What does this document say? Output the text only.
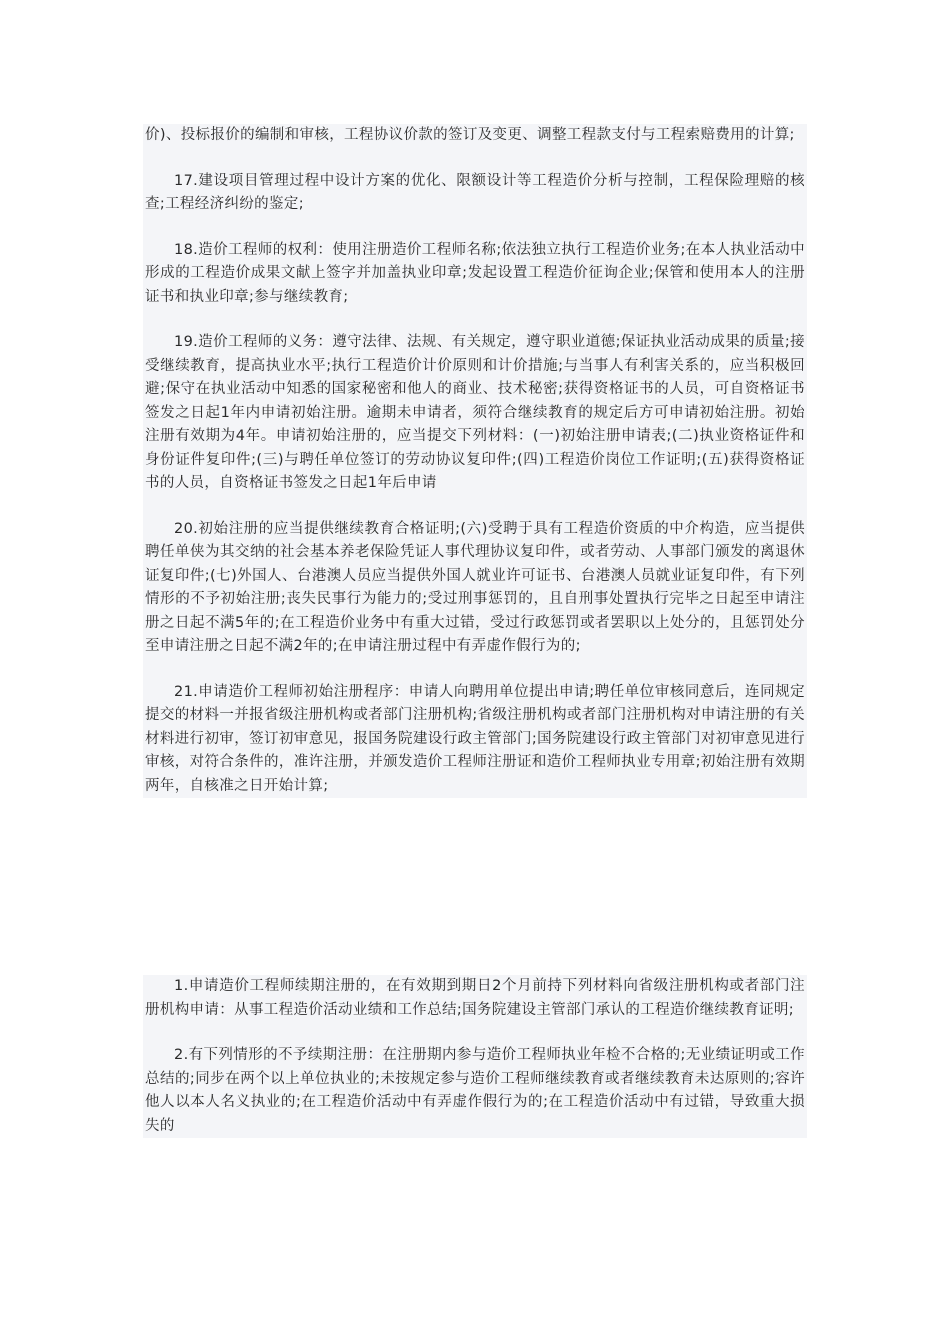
价)、投标报价的编制和审核，工程协议价款的签订及变更、调整工程款支付与工程索赔费用的计算;

17.建设项目管理过程中设计方案的优化、限额设计等工程造价分析与控制，工程保险理赔的核查;工程经济纠纷的鉴定;

18.造价工程师的权利：使用注册造价工程师名称;依法独立执行工程造价业务;在本人执业活动中形成的工程造价成果文献上签字并加盖执业印章;发起设置工程造价征询企业;保管和使用本人的注册证书和执业印章;参与继续教育;

19.造价工程师的义务：遵守法律、法规、有关规定，遵守职业道德;保证执业活动成果的质量;接受继续教育，提高执业水平;执行工程造价计价原则和计价措施;与当事人有利害关系的，应当积极回避;保守在执业活动中知悉的国家秘密和他人的商业、技术秘密;获得资格证书的人员，可自资格证书签发之日起1年内申请初始注册。逾期未申请者，须符合继续教育的规定后方可申请初始注册。初始注册有效期为4年。申请初始注册的，应当提交下列材料：(一)初始注册申请表;(二)执业资格证件和身份证件复印件;(三)与聘任单位签订的劳动协议复印件;(四)工程造价岗位工作证明;(五)获得资格证书的人员，自资格证书签发之日起1年后申请

20.初始注册的应当提供继续教育合格证明;(六)受聘于具有工程造价资质的中介构造，应当提供聘任单侠为其交纳的社会基本养老保险凭证人事代理协议复印件，或者劳动、人事部门颁发的离退休证复印件;(七)外国人、台港澳人员应当提供外国人就业许可证书、台港澳人员就业证复印件，有下列情形的不予初始注册;丧失民事行为能力的;受过刑事惩罚的，且自刑事处置执行完毕之日起至申请注册之日起不满5年的;在工程造价业务中有重大过错，受过行政惩罚或者罢职以上处分的，且惩罚处分至申请注册之日起不满2年的;在申请注册过程中有弄虚作假行为的;

21.申请造价工程师初始注册程序：申请人向聘用单位提出申请;聘任单位审核同意后，连同规定提交的材料一并报省级注册机构或者部门注册机构;省级注册机构或者部门注册机构对申请注册的有关材料进行初审，签订初审意见，报国务院建设行政主管部门;国务院建设行政主管部门对初审意见进行审核，对符合条件的，准许注册，并颁发造价工程师注册证和造价工程师执业专用章;初始注册有效期两年，自核准之日开始计算;

1.申请造价工程师续期注册的，在有效期到期日2个月前持下列材料向省级注册机构或者部门注册机构申请：从事工程造价活动业绩和工作总结;国务院建设主管部门承认的工程造价继续教育证明;

2.有下列情形的不予续期注册：在注册期内参与造价工程师执业年检不合格的;无业绩证明或工作总结的;同步在两个以上单位执业的;未按规定参与造价工程师继续教育或者继续教育未达原则的;容许他人以本人名义执业的;在工程造价活动中有弄虚作假行为的;在工程造价活动中有过错，导致重大损失的
